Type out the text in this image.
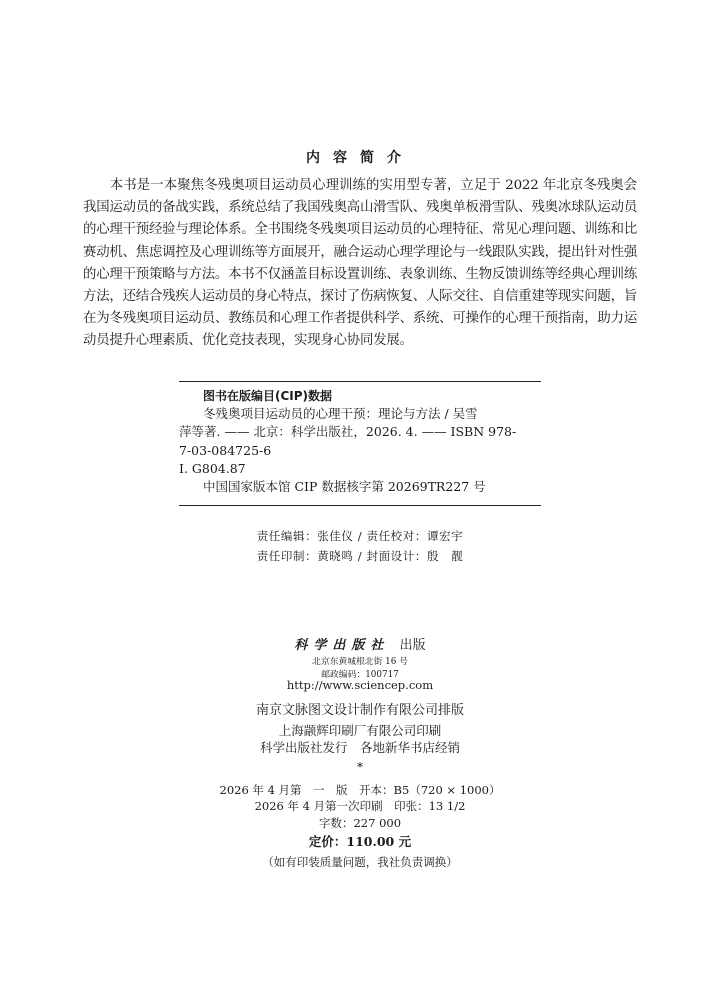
内容简介

本书是一本聚焦冬残奥项目运动员心理训练的实用型专著，立足于 2022 年北京冬残奥会我国运动员的备战实践，系统总结了我国残奥高山滑雪队、残奥单板滑雪队、残奥冰球队运动员的心理干预经验与理论体系。全书围绕冬残奥项目运动员的心理特征、常见心理问题、训练和比赛动机、焦虑调控及心理训练等方面展开，融合运动心理学理论与一线跟队实践，提出针对性强的心理干预策略与方法。本书不仅涵盖目标设置训练、表象训练、生物反馈训练等经典心理训练方法，还结合残疾人运动员的身心特点，探讨了伤病恢复、人际交往、自信重建等现实问题，旨在为冬残奥项目运动员、教练员和心理工作者提供科学、系统、可操作的心理干预指南，助力运动员提升心理素质、优化竞技表现，实现身心协同发展。

图书在版编目(CIP)数据
冬残奥项目运动员的心理干预：理论与方法 / 吴雪
萍等著. —— 北京：科学出版社，2026. 4. —— ISBN 978-
7-03-084725-6
Ⅰ. G804.87
中国国家版本馆 CIP 数据核字第 20269TR227 号
责任编辑：张佳仪 / 责任校对：谭宏宇
责任印制：黄晓鸣 / 封面设计：殷　靓
科学出版社 出版
北京东黄城根北街 16 号
邮政编码：100717
http://www.sciencep.com
南京文脉图文设计制作有限公司排版
上海颛辉印刷厂有限公司印刷
科学出版社发行　各地新华书店经销
*
2026 年 4 月第　一　版　开本：B5（720 × 1000）
2026 年 4 月第一次印刷　印张：13 1/2
字数：227 000
定价：110.00 元
（如有印装质量问题，我社负责调换）
